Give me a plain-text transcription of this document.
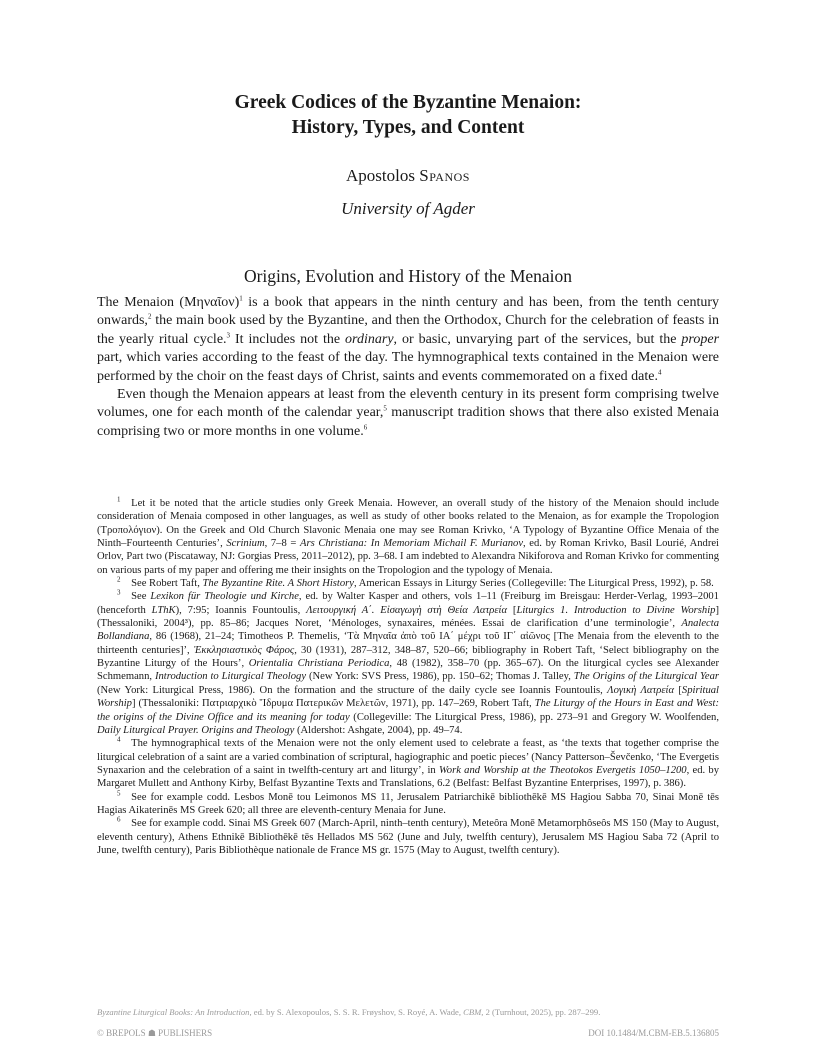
Greek Codices of the Byzantine Menaion:
History, Types, and Content
Apostolos Spanos
University of Agder
Origins, Evolution and History of the Menaion

The Menaion (Μηναῖον)$^1$ is a book that appears in the ninth century and has been, from the tenth century onwards,$^2$ the main book used by the Byzantine, and then the Orthodox, Church for the celebration of feasts in the yearly ritual cycle.$^3$ It includes not the ordinary, or basic, unvarying part of the services, but the proper part, which varies according to the feast of the day. The hymnographical texts contained in the Menaion were performed by the choir on the feast days of Christ, saints and events commemorated on a fixed date.$^4$

Even though the Menaion appears at least from the eleventh century in its present form comprising twelve volumes, one for each month of the calendar year,$^5$ manuscript tradition shows that there also existed Menaia comprising two or more months in one volume.$^6$

$^1$  Let it be noted that the article studies only Greek Menaia. However, an overall study of the history of the Menaion should include consideration of Menaia composed in other languages, as well as study of other books related to the Menaion, as for example the Tropologion (Τροπολόγιον). On the Greek and Old Church Slavonic Menaia one may see Roman Krivko, ‘A Typology of Byzantine Office Menaia of the Ninth–Fourteenth Centuries’, Scrinium, 7–8 = Ars Christiana: In Memoriam Michail F. Murianov, ed. by Roman Krivko, Basil Lourié, Andrei Orlov, Part two (Piscataway, NJ: Gorgias Press, 2011–2012), pp. 3–68. I am indebted to Alexandra Nikiforova and Roman Krivko for commenting on various parts of my paper and offering me their insights on the Tropologion and the typology of Menaia.

$^2$  See Robert Taft, The Byzantine Rite. A Short History, American Essays in Liturgy Series (Collegeville: The Liturgical Press, 1992), p. 58.

$^3$  See Lexikon für Theologie und Kirche, ed. by Walter Kasper and others, vols 1–11 (Freiburg im Breisgau: Herder-Verlag, 1993–2001 (henceforth LThK), 7:95; Ioannis Fountoulis, Λειτουργική Α΄. Εἰσαγωγὴ στὴ Θεία Λατρεία [Liturgics 1. Introduction to Divine Worship] (Thessaloniki, 2004³), pp. 85–86; Jacques Noret, ‘Ménologes, synaxaires, ménées. Essai de clarification d’une terminologie’, Analecta Bollandiana, 86 (1968), 21–24; Timotheos P. Themelis, ‘Τὰ Μηναῖα ἀπὸ τοῦ ΙΑ΄ μέχρι τοῦ ΙΓ΄ αἰῶνος [The Menaia from the eleventh to the thirteenth centuries]’, Ἐκκλησιαστικὸς Φάρος, 30 (1931), 287–312, 348–87, 520–66; bibliography in Robert Taft, ‘Select bibliography on the Byzantine Liturgy of the Hours’, Orientalia Christiana Periodica, 48 (1982), 358–70 (pp. 365–67). On the liturgical cycles see Alexander Schmemann, Introduction to Liturgical Theology (New York: SVS Press, 1986), pp. 150–62; Thomas J. Talley, The Origins of the Liturgical Year (New York: Liturgical Press, 1986). On the formation and the structure of the daily cycle see Ioannis Fountoulis, Λογικὴ Λατρεία [Spiritual Worship] (Thessaloniki: Πατριαρχικὸ Ἵδρυμα Πατερικῶν Μελετῶν, 1971), pp. 147–269, Robert Taft, The Liturgy of the Hours in East and West: the origins of the Divine Office and its meaning for today (Collegeville: The Liturgical Press, 1986), pp. 273–91 and Gregory W. Woolfenden, Daily Liturgical Prayer. Origins and Theology (Aldershot: Ashgate, 2004), pp. 49–74.

$^4$  The hymnographical texts of the Menaion were not the only element used to celebrate a feast, as ‘the texts that together comprise the liturgical celebration of a saint are a varied combination of scriptural, hagiographic and poetic pieces’ (Nancy Patterson–Ševčenko, ‘The Evergetis Synaxarion and the celebration of a saint in twelfth-century art and liturgy’, in Work and Worship at the Theotokos Evergetis 1050–1200, ed. by Margaret Mullett and Anthony Kirby, Belfast Byzantine Texts and Translations, 6.2 (Belfast: Belfast Byzantine Enterprises, 1997), p. 386).

$^5$  See for example codd. Lesbos Monē tou Leimonos MS 11, Jerusalem Patriarchikē bibliothēkē MS Hagiou Sabba 70, Sinai Monē tēs Hagias Aikaterinēs MS Greek 620; all three are eleventh-century Menaia for June.

$^6$  See for example codd. Sinai MS Greek 607 (March-April, ninth–tenth century), Meteôra Monē Metamorphôseôs MS 150 (May to August, eleventh century), Athens Ethnikē Bibliothēkē tēs Hellados MS 562 (June and July, twelfth century), Jerusalem MS Hagiou Saba 72 (April to June, twelfth century), Paris Bibliothèque nationale de France MS gr. 1575 (May to August, twelfth century).

Byzantine Liturgical Books: An Introduction, ed. by S. Alexopoulos, S. S. R. Frøyshov, S. Royé, A. Wade, CBM, 2 (Turnhout, 2025), pp. 287–299.
© BREPOLS ☗ PUBLISHERS	DOI 10.1484/M.CBM-EB.5.136805
